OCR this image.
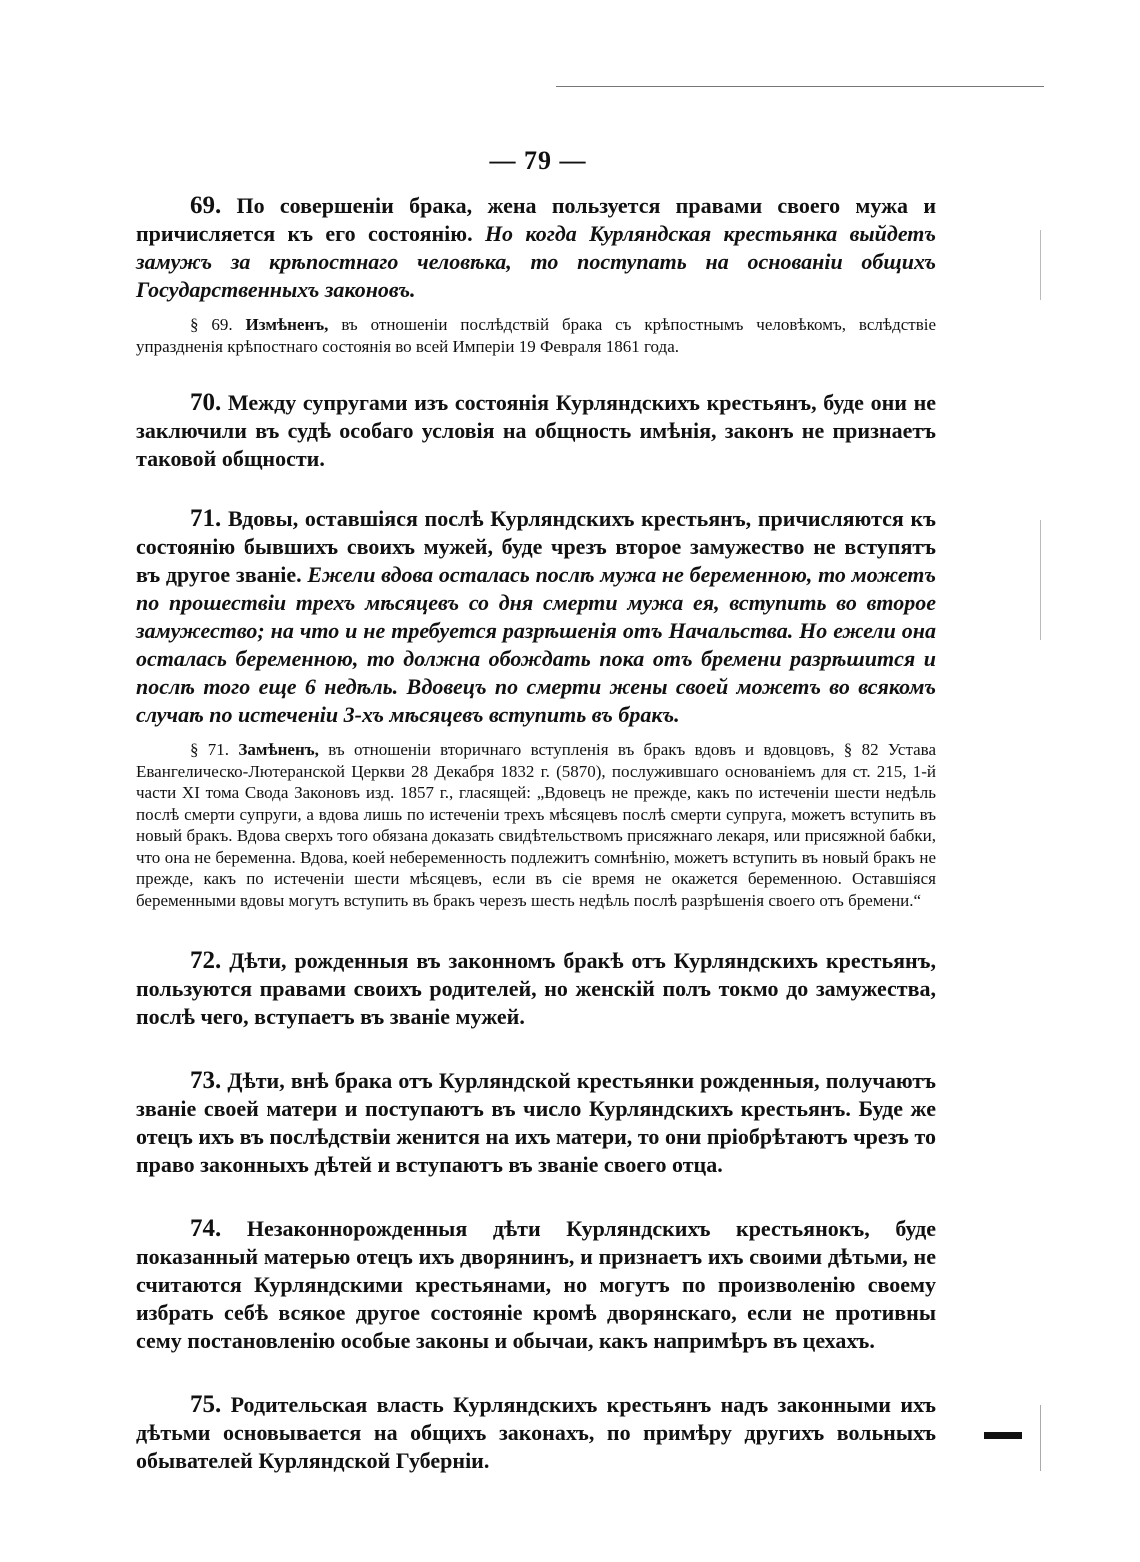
— 79 —

69. По совершенiи брака, жена пользуется правами своего мужа и причисляется къ его состоянiю. Но когда Курляндская крестьянка выйдетъ замужъ за крѣпостнаго человѣка, то поступать на основанiи общихъ Государственныхъ законовъ.

§ 69. Измѣненъ, въ отношенiи послѣдствiй брака съ крѣпостнымъ человѣкомъ, вслѣдствiе упраздненiя крѣпостнаго состоянiя во всей Имперiи 19 Февраля 1861 года.

70. Между супругами изъ состоянiя Курляндскихъ крестьянъ, буде они не заключили въ судѣ особаго условiя на общность имѣнiя, законъ не признаетъ таковой общности.

71. Вдовы, оставшiяся послѣ Курляндскихъ крестьянъ, причисляются къ состоянiю бывшихъ своихъ мужей, буде чрезъ второе замужество не вступятъ въ другое званiе. Ежели вдова осталась послѣ мужа не беременною, то можетъ по прошествiи трехъ мѣсяцевъ со дня смерти мужа ея, вступить во второе замужество; на что и не требуется разрѣшенiя отъ Начальства. Но ежели она осталась беременною, то должна обождать пока отъ бремени разрѣшится и послѣ того еще 6 недѣль. Вдовецъ по смерти жены своей можетъ во всякомъ случаѣ по истеченiи 3-хъ мѣсяцевъ вступить въ бракъ.

§ 71. Замѣненъ, въ отношенiи вторичнаго вступленiя въ бракъ вдовъ и вдовцовъ, § 82 Устава Евангелическо-Лютеранской Церкви 28 Декабря 1832 г. (5870), послужившаго основанiемъ для ст. 215, 1-й части XI тома Свода Законовъ изд. 1857 г., гласящей: „Вдовецъ не прежде, какъ по истеченiи шести недѣль послѣ смерти супруги, а вдова лишь по истеченiи трехъ мѣсяцевъ послѣ смерти супруга, можетъ вступить въ новый бракъ. Вдова сверхъ того обязана доказать свидѣтельствомъ присяжнаго лекаря, или присяжной бабки, что она не беременна. Вдова, коей небеременность подлежитъ сомнѣнiю, можетъ вступить въ новый бракъ не прежде, какъ по истеченiи шести мѣсяцевъ, если въ сiе время не окажется беременною. Оставшiяся беременными вдовы могутъ вступить въ бракъ черезъ шесть недѣль послѣ разрѣшенiя своего отъ бремени.“

72. Дѣти, рожденныя въ законномъ бракѣ отъ Курляндскихъ крестьянъ, пользуются правами своихъ родителей, но женскiй полъ токмо до замужества, послѣ чего, вступаетъ въ званiе мужей.

73. Дѣти, внѣ брака отъ Курляндской крестьянки рожденныя, получаютъ званiе своей матери и поступаютъ въ число Курляндскихъ крестьянъ. Буде же отецъ ихъ въ послѣдствiи женится на ихъ матери, то они прiобрѣтаютъ чрезъ то право законныхъ дѣтей и вступаютъ въ званiе своего отца.

74. Незаконнорожденныя дѣти Курляндскихъ крестьянокъ, буде показанный матерью отецъ ихъ дворянинъ, и признаетъ ихъ своими дѣтьми, не считаются Курляндскими крестьянами, но могутъ по произволенiю своему избрать себѣ всякое другое состоянiе кромѣ дворянскаго, если не противны сему постановленiю особые законы и обычаи, какъ напримѣръ въ цехахъ.

75. Родительская власть Курляндскихъ крестьянъ надъ законными ихъ дѣтьми основывается на общихъ законахъ, по примѣру другихъ вольныхъ обывателей Курляндской Губернiи.
